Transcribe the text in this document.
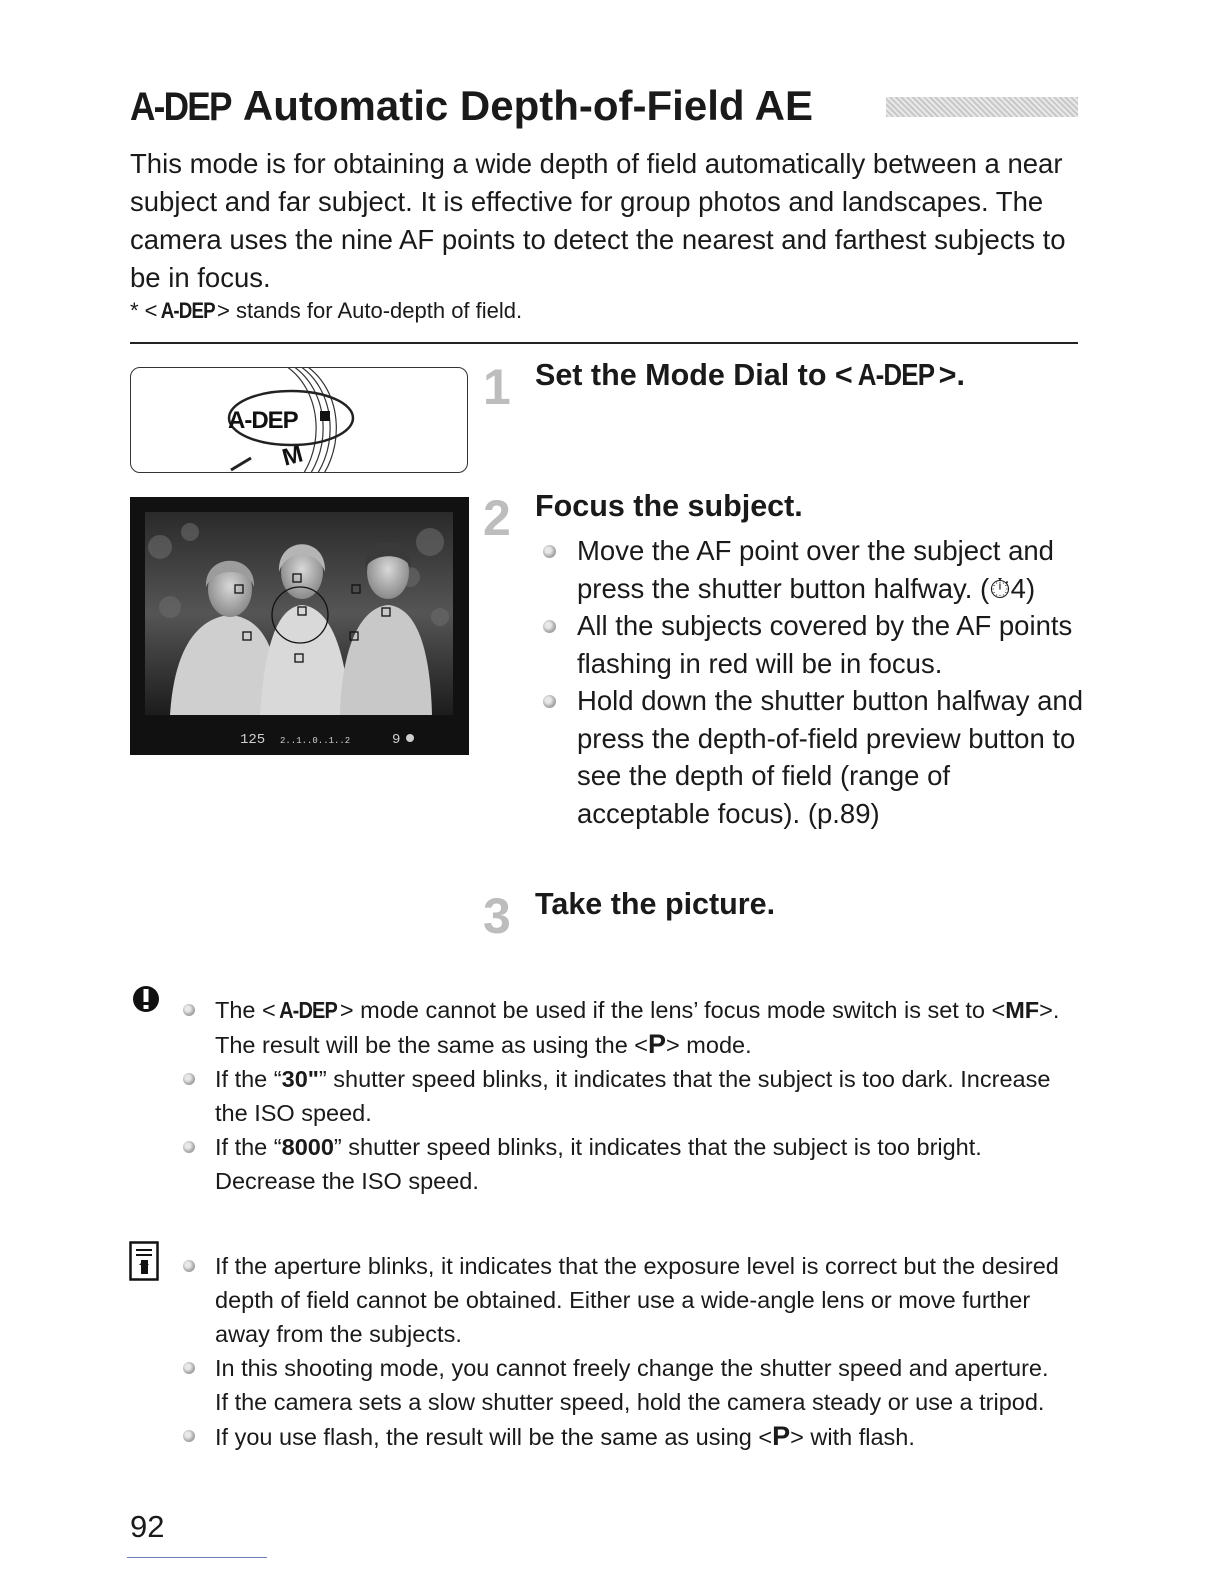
A-DEP Automatic Depth-of-Field AE
This mode is for obtaining a wide depth of field automatically between a near subject and far subject. It is effective for group photos and landscapes. The camera uses the nine AF points to detect the nearest and farthest subjects to be in focus.
* < A-DEP > stands for Auto-depth of field.
A-DEP
M
1 Set the Mode Dial to < A-DEP >.
125 2..1..0..1..2	9
2 Focus the subject.
Move the AF point over the subject and press the shutter button halfway. (⏱4)
All the subjects covered by the AF points flashing in red will be in focus.
Hold down the shutter button halfway and press the depth-of-field preview button to see the depth of field (range of acceptable focus). (p.89)
3 Take the picture.
The < A-DEP > mode cannot be used if the lens’ focus mode switch is set to <MF>. The result will be the same as using the <P> mode.
If the “30"” shutter speed blinks, it indicates that the subject is too dark. Increase the ISO speed.
If the “8000” shutter speed blinks, it indicates that the subject is too bright. Decrease the ISO speed.
If the aperture blinks, it indicates that the exposure level is correct but the desired depth of field cannot be obtained. Either use a wide-angle lens or move further away from the subjects.
In this shooting mode, you cannot freely change the shutter speed and aperture. If the camera sets a slow shutter speed, hold the camera steady or use a tripod.
If you use flash, the result will be the same as using <P> with flash.
92
